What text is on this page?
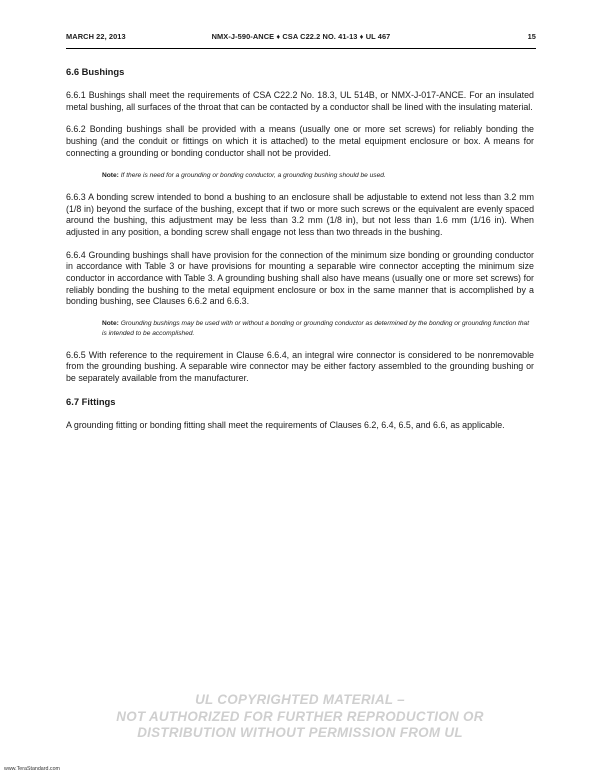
MARCH 22, 2013	NMX-J-590-ANCE ♦ CSA C22.2 NO. 41-13 ♦ UL 467	15

6.6 Bushings

6.6.1 Bushings shall meet the requirements of CSA C22.2 No. 18.3, UL 514B, or NMX-J-017-ANCE. For an insulated metal bushing, all surfaces of the throat that can be contacted by a conductor shall be lined with the insulating material.

6.6.2 Bonding bushings shall be provided with a means (usually one or more set screws) for reliably bonding the bushing (and the conduit or fittings on which it is attached) to the metal equipment enclosure or box. A means for connecting a grounding or bonding conductor shall not be provided.

Note: If there is need for a grounding or bonding conductor, a grounding bushing should be used.

6.6.3 A bonding screw intended to bond a bushing to an enclosure shall be adjustable to extend not less than 3.2 mm (1/8 in) beyond the surface of the bushing, except that if two or more such screws or the equivalent are evenly spaced around the bushing, this adjustment may be less than 3.2 mm (1/8 in), but not less than 1.6 mm (1/16 in). When adjusted in any position, a bonding screw shall engage not less than two threads in the bushing.

6.6.4 Grounding bushings shall have provision for the connection of the minimum size bonding or grounding conductor in accordance with Table 3 or have provisions for mounting a separable wire connector accepting the minimum size conductor in accordance with Table 3. A grounding bushing shall also have means (usually one or more set screws) for reliably bonding the bushing to the metal equipment enclosure or box in the same manner that is accomplished by a bonding bushing, see Clauses 6.6.2 and 6.6.3.

Note: Grounding bushings may be used with or without a bonding or grounding conductor as determined by the bonding or grounding function that is intended to be accomplished.

6.6.5 With reference to the requirement in Clause 6.6.4, an integral wire connector is considered to be nonremovable from the grounding bushing. A separable wire connector may be either factory assembled to the grounding bushing or be separately available from the manufacturer.

6.7 Fittings

A grounding fitting or bonding fitting shall meet the requirements of Clauses 6.2, 6.4, 6.5, and 6.6, as applicable.

UL COPYRIGHTED MATERIAL –
NOT AUTHORIZED FOR FURTHER REPRODUCTION OR
DISTRIBUTION WITHOUT PERMISSION FROM UL
www.TeraStandard.com
